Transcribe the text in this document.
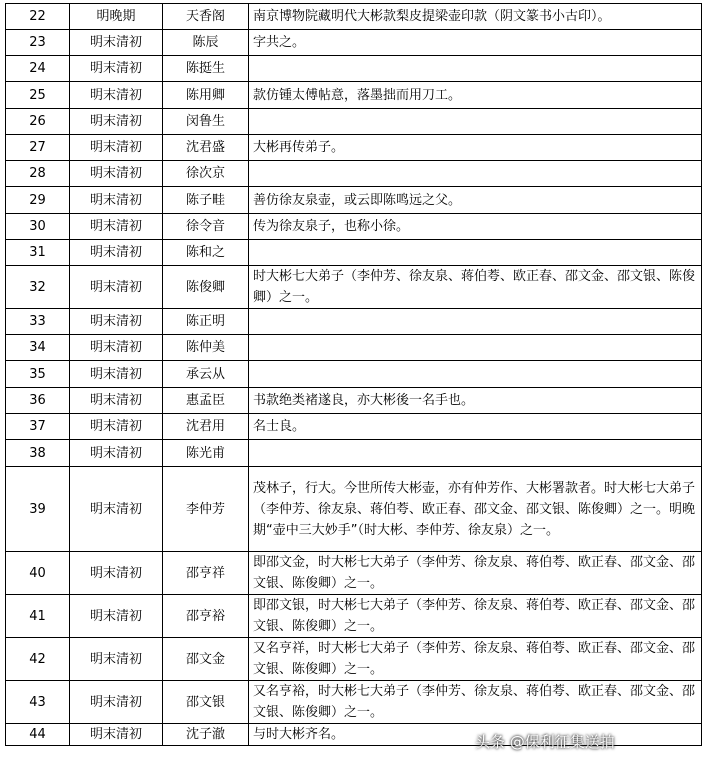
22	明晚期	天香阁	南京博物院藏明代大彬款梨皮提梁壶印款（阴文篆书小古印）。
23	明末清初	陈辰	字共之。
24	明末清初	陈挺生	
25	明末清初	陈用卿	款仿锺太傅帖意，落墨拙而用刀工。
26	明末清初	闵鲁生	
27	明末清初	沈君盛	大彬再传弟子。
28	明末清初	徐次京	
29	明末清初	陈子畦	善仿徐友泉壶，或云即陈鸣远之父。
30	明末清初	徐令音	传为徐友泉子，也称小徐。
31	明末清初	陈和之	
32	明末清初	陈俊卿	时大彬七大弟子（李仲芳、徐友泉、蒋伯荂、欧正春、邵文金、邵文银、陈俊卿）之一。
33	明末清初	陈正明	
34	明末清初	陈仲美	
35	明末清初	承云从	
36	明末清初	惠孟臣	书款绝类褚遂良，亦大彬後一名手也。
37	明末清初	沈君用	名士良。
38	明末清初	陈光甫	
39	明末清初	李仲芳	茂林子，行大。今世所传大彬壶，亦有仲芳作、大彬署款者。时大彬七大弟子（李仲芳、徐友泉、蒋伯荂、欧正春、邵文金、邵文银、陈俊卿）之一。明晚期“壶中三大妙手”（时大彬、李仲芳、徐友泉）之一。
40	明末清初	邵亨祥	即邵文金，时大彬七大弟子（李仲芳、徐友泉、蒋伯荂、欧正春、邵文金、邵文银、陈俊卿）之一。
41	明末清初	邵亨裕	即邵文银，时大彬七大弟子（李仲芳、徐友泉、蒋伯荂、欧正春、邵文金、邵文银、陈俊卿）之一。
42	明末清初	邵文金	又名亨祥，时大彬七大弟子（李仲芳、徐友泉、蒋伯荂、欧正春、邵文金、邵文银、陈俊卿）之一。
43	明末清初	邵文银	又名亨裕，时大彬七大弟子（李仲芳、徐友泉、蒋伯荂、欧正春、邵文金、邵文银、陈俊卿）之一。
44	明末清初	沈子澈	与时大彬齐名。	头条 @保利征集送拍
